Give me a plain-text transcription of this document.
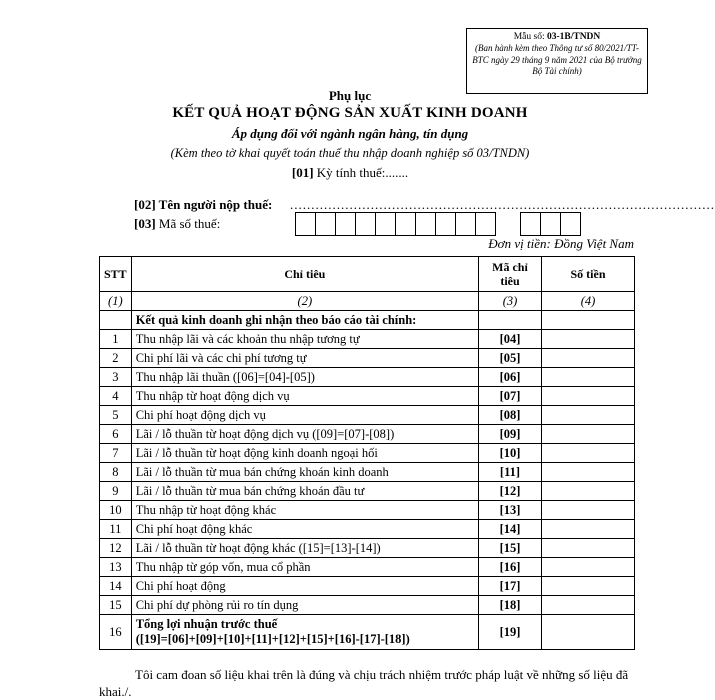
Mẫu số: 03-1B/TNDN
(Ban hành kèm theo Thông tư số 80/2021/TT-BTC ngày 29 tháng 9 năm 2021 của Bộ trưởng Bộ Tài chính)
Phụ lục
KẾT QUẢ HOẠT ĐỘNG SẢN XUẤT KINH DOANH
Áp dụng đối với ngành ngân hàng, tín dụng
(Kèm theo tờ khai quyết toán thuế thu nhập doanh nghiệp số 03/TNDN)
[01] Kỳ tính thuế:.......
[02] Tên người nộp thuế: ....................................................................................................
[03] Mã số thuế:
Đơn vị tiền: Đồng Việt Nam
STT	Chỉ tiêu	Mã chỉ tiêu	Số tiền
(1)	(2)	(3)	(4)
	Kết quả kinh doanh ghi nhận theo báo cáo tài chính:		
1	Thu nhập lãi và các khoản thu nhập tương tự	[04]	
2	Chi phí lãi và các chi phí tương tự	[05]	
3	Thu nhập lãi thuần ([06]=[04]-[05])	[06]	
4	Thu nhập từ hoạt động dịch vụ	[07]	
5	Chi phí hoạt động dịch vụ	[08]	
6	Lãi / lỗ thuần từ hoạt động dịch vụ ([09]=[07]-[08])	[09]	
7	Lãi / lỗ thuần từ hoạt động kinh doanh ngoại hối	[10]	
8	Lãi / lỗ thuần từ mua bán chứng khoán kinh doanh	[11]	
9	Lãi / lỗ thuần từ mua bán chứng khoán đầu tư	[12]	
10	Thu nhập từ hoạt động khác	[13]	
11	Chi phí hoạt động khác	[14]	
12	Lãi / lỗ thuần từ hoạt động khác ([15]=[13]-[14])	[15]	
13	Thu nhập từ góp vốn, mua cổ phần	[16]	
14	Chi phí hoạt động	[17]	
15	Chi phí dự phòng rủi ro tín dụng	[18]	
16	Tổng lợi nhuận trước thuế
([19]=[06]+[09]+[10]+[11]+[12]+[15]+[16]-[17]-[18])	[19]	
Tôi cam đoan số liệu khai trên là đúng và chịu trách nhiệm trước pháp luật về những số liệu đã khai./.
